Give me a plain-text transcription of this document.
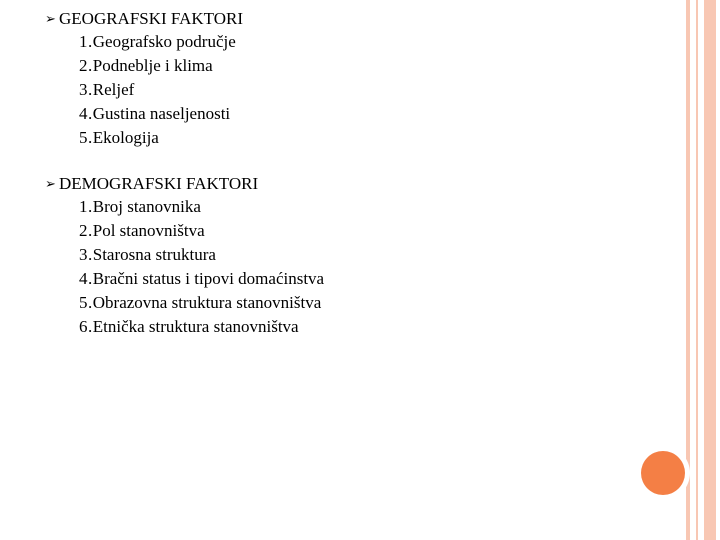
➢ GEOGRAFSKI FAKTORI
1.Geografsko područje
2.Podneblje i klima
3.Reljef
4.Gustina naseljenosti
5.Ekologija
➢ DEMOGRAFSKI FAKTORI
1.Broj stanovnika
2.Pol stanovništva
3.Starosna struktura
4.Bračni status i tipovi domaćinstva
5.Obrazovna struktura stanovništva
6.Etnička struktura stanovništva
